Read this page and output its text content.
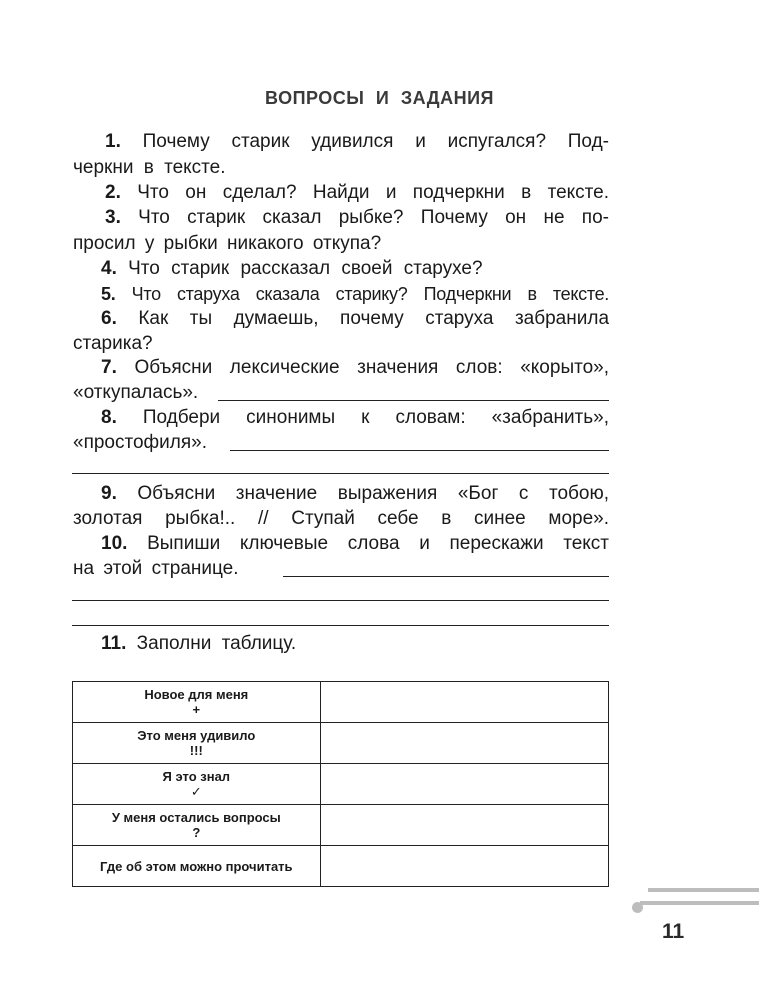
ВОПРОСЫ И ЗАДАНИЯ
1. Почему старик удивился и испугался? Под-
черкни в тексте.
2. Что он сделал? Найди и подчеркни в тексте.
3. Что старик сказал рыбке? Почему он не по-
просил у рыбки никакого откупа?
4. Что старик рассказал своей старухе?
5. Что старуха сказала старику? Подчеркни в тексте.
6. Как ты думаешь, почему старуха забранила
старика?
7. Объясни лексические значения слов: «корыто»,
«откупалась».
8. Подбери синонимы к словам: «забранить»,
«простофиля».
9. Объясни значение выражения «Бог с тобою,
золотая рыбка!.. // Ступай себе в синее море».
10. Выпиши ключевые слова и перескажи текст
на этой странице.
11. Заполни таблицу.
Новое для меня
+	

Это меня удивило
!!!	

Я это знал
✓	

У меня остались вопросы
?	

Где об этом можно прочитать	
11
